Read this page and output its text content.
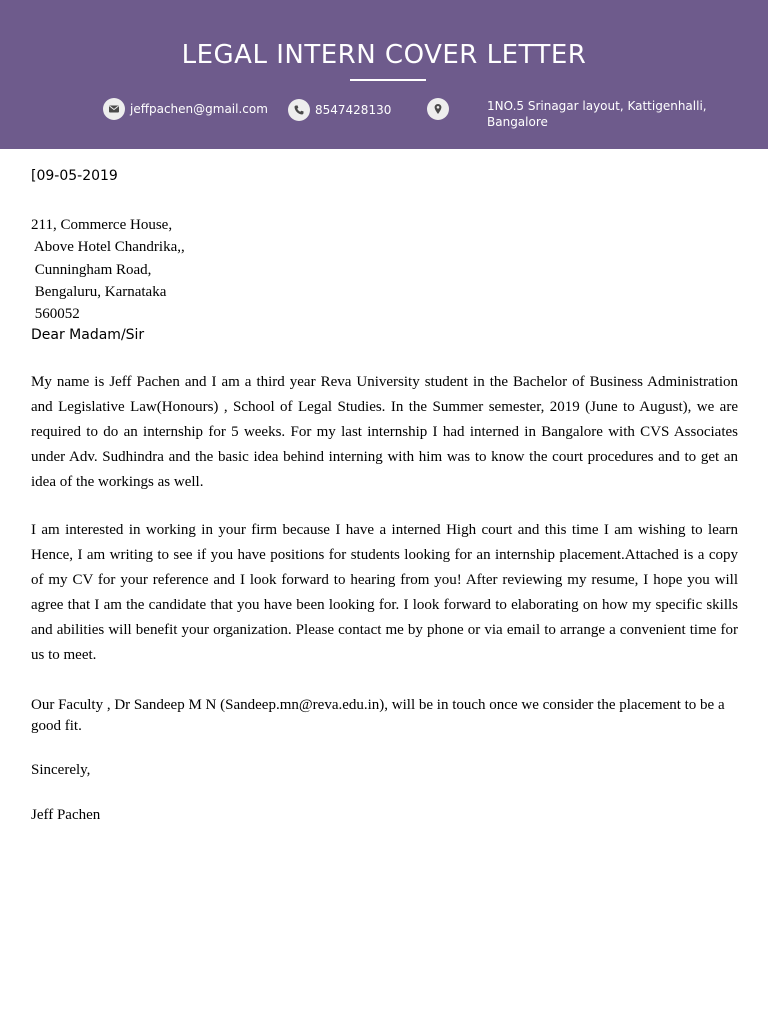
LEGAL INTERN COVER LETTER
jeffpachen@gmail.com	8547428130	1NO.5 Srinagar layout, Kattigenhalli,
Bangalore
[09-05-2019
211, Commerce House,
Above Hotel Chandrika,,
Cunningham Road,
Bengaluru, Karnataka
560052
Dear Madam/Sir
My name is Jeff Pachen and I am a third year Reva University student in the Bachelor of Business Administration and Legislative Law(Honours) , School of Legal Studies. In the Summer semester, 2019 (June to August), we are required to do an internship for 5 weeks. For my last internship I had interned in Bangalore with CVS Associates under Adv. Sudhindra and the basic idea behind interning with him was to know the court procedures and to get an idea of the workings as well.
I am interested in working in your firm because I have a interned High court and this time I am wishing to learn Hence, I am writing to see if you have positions for students looking for an internship placement.Attached is a copy of my CV for your reference and I look forward to hearing from you! After reviewing my resume, I hope you will agree that I am the candidate that you have been looking for. I look forward to elaborating on how my specific skills and abilities will benefit your organization. Please contact me by phone or via email to arrange a convenient time for us to meet.
Our Faculty , Dr Sandeep M N (Sandeep.mn@reva.edu.in), will be in touch once we consider the placement to be a good fit.
Sincerely,
Jeff Pachen
